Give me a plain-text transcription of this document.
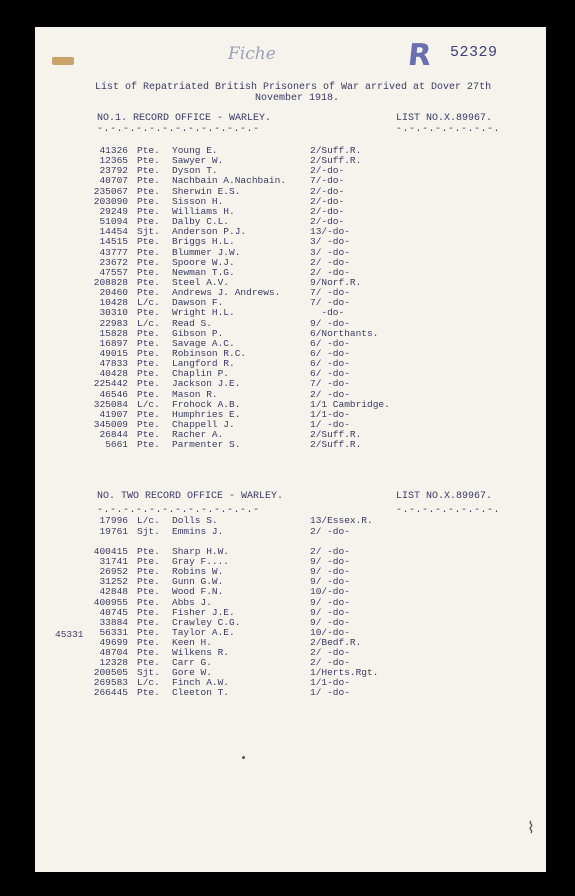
Fiche	R 52329
List of Repatriated British Prisoners of War arrived at Dover 27th
November 1918.
NO.1. RECORD OFFICE - WARLEY.	LIST NO.X.89967.
-.-.-.-.-.-.-.-.-.-.-.-.-	-.-.-.-.-.-.-.-.
41326 Pte. Young E.	2/Suff.R.
12365 Pte. Sawyer W.	2/Suff.R.
23792 Pte. Dyson T.	2/-do-
40707 Pte. Nachbain A.Nachbain.	7/-do-
235067 Pte. Sherwin E.S.	2/-do-
203090 Pte. Sisson H.	2/-do-
29249 Pte. Williams H.	2/-do-
51094 Pte. Dalby C.L.	2/-do-
14454 Sjt. Anderson P.J.	13/-do-
14515 Pte. Briggs H.L.	3/ -do-
43777 Pte. Blummer J.W.	3/ -do-
23672 Pte. Spoore W.J.	2/ -do-
47557 Pte. Newman T.G.	2/ -do-
208828 Pte. Steel A.V.	9/Norf.R.
20460 Pte. Andrews J. Andrews.	7/ -do-
10428 L/c. Dawson F.	7/ -do-
30310 Pte. Wright H.L.	-do-
22983 L/c. Read S.	9/ -do-
15828 Pte. Gibson P.	6/Northants.
16897 Pte. Savage A.C.	6/ -do-
49015 Pte. Robinson R.C.	6/ -do-
47833 Pte. Langford R.	6/ -do-
40428 Pte. Chaplin P.	6/ -do-
225442 Pte. Jackson J.E.	7/ -do-
46546 Pte. Mason R.	2/ -do-
325084 L/c. Frohock A.B.	1/1 Cambridge.
41907 Pte. Humphries E.	1/1-do-
345009 Pte. Chappell J.	1/ -do-
26844 Pte. Racher A.	2/Suff.R.
5661 Pte. Parmenter S.	2/Suff.R.
NO. TWO RECORD OFFICE - WARLEY.	LIST NO.X.89967.
-.-.-.-.-.-.-.-.-.-.-.-.-	-.-.-.-.-.-.-.-.
17996 L/c. Dolls S.	13/Essex.R.
19761 Sjt. Emmins J.	2/ -do-
400415 Pte. Sharp H.W.	2/ -do-
31741 Pte. Gray F....	9/ -do-
26952 Pte. Robins W.	9/ -do-
31252 Pte. Gunn G.W.	9/ -do-
42848 Pte. Wood F.N.	10/-do-
400955 Pte. Abbs J.	9/ -do-
40745 Pte. Fisher J.E.	9/ -do-
33884 Pte. Crawley C.G.	9/ -do-
56331 Pte. Taylor A.E.	10/-do-
49699 Pte. Keen H.	2/Bedf.R.
48704 Pte. Wilkens R.	2/ -do-
12328 Pte. Carr G.	2/ -do-
200505 Sjt. Gore W.	1/Herts.Rgt.
269583 L/c. Finch A.W.	1/1-do-
266445 Pte. Cleeton T.	1/ -do-
45331
⌇
